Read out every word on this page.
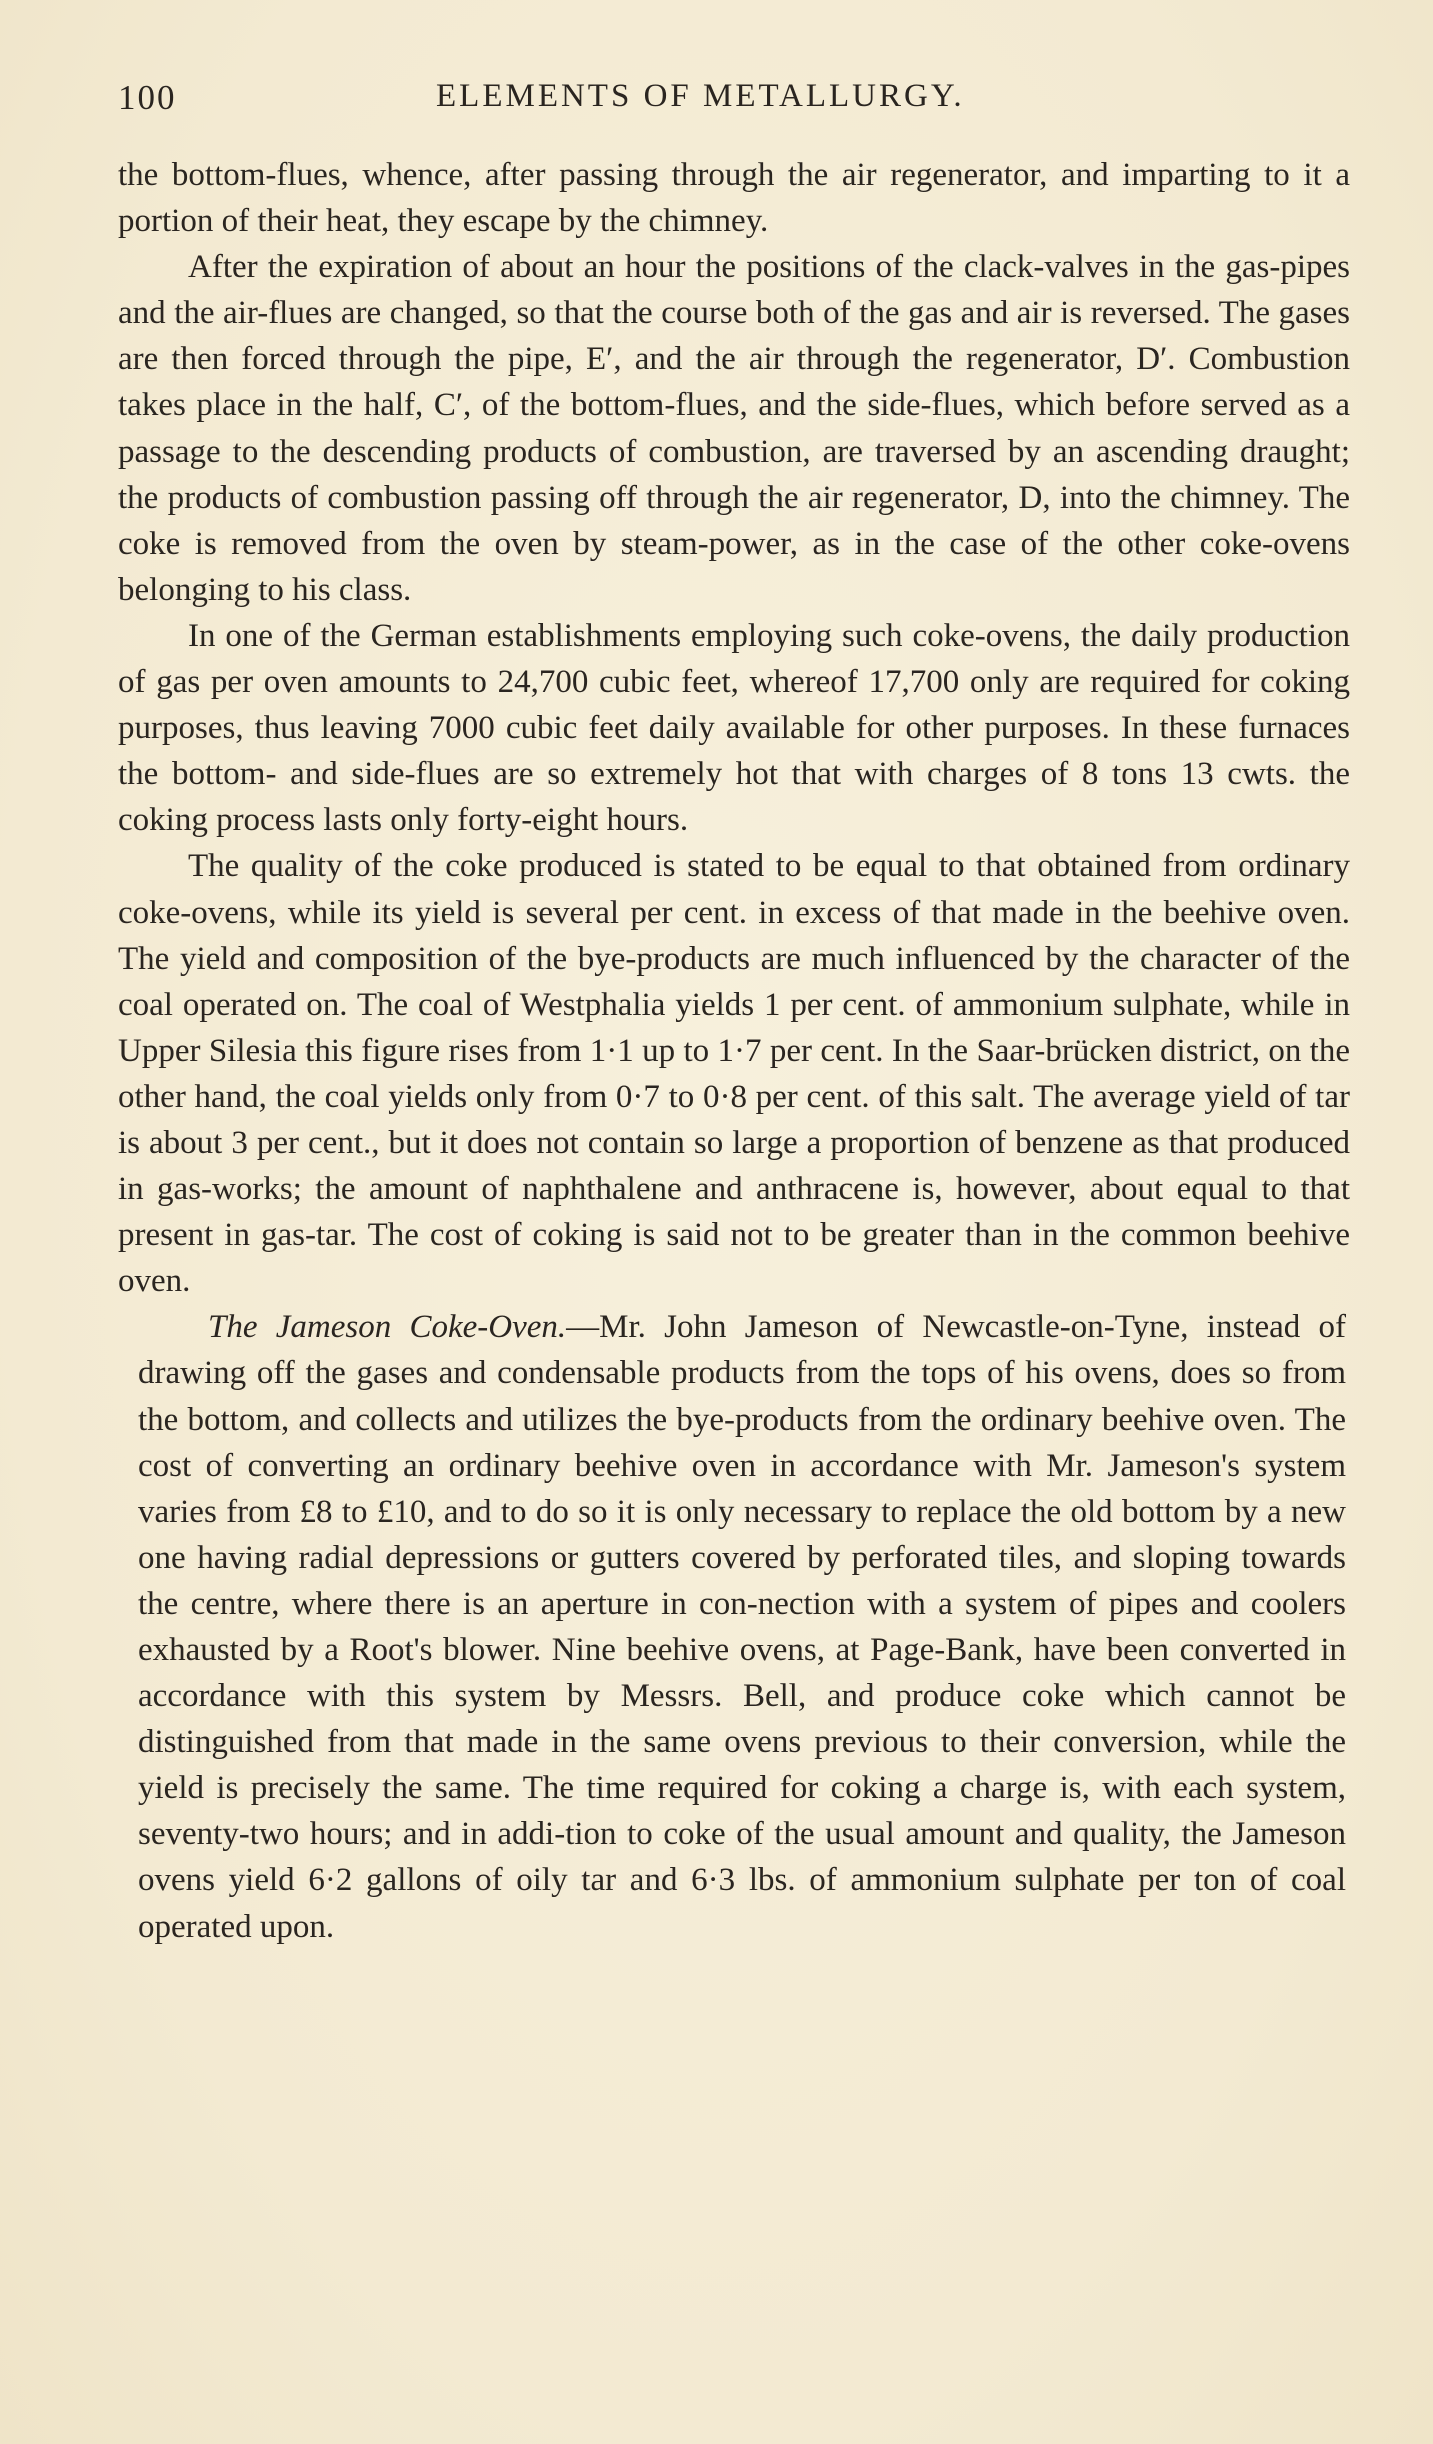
100	ELEMENTS OF METALLURGY.

the bottom-flues, whence, after passing through the air regenerator, and imparting to it a portion of their heat, they escape by the chimney.

After the expiration of about an hour the positions of the clack-valves in the gas-pipes and the air-flues are changed, so that the course both of the gas and air is reversed. The gases are then forced through the pipe, E′, and the air through the regenerator, D′. Combustion takes place in the half, C′, of the bottom-flues, and the side-flues, which before served as a passage to the descending products of combustion, are traversed by an ascending draught; the products of combustion passing off through the air regenerator, D, into the chimney. The coke is removed from the oven by steam-power, as in the case of the other coke-ovens belonging to his class.

In one of the German establishments employing such coke-ovens, the daily production of gas per oven amounts to 24,700 cubic feet, whereof 17,700 only are required for coking purposes, thus leaving 7000 cubic feet daily available for other purposes. In these furnaces the bottom- and side-flues are so extremely hot that with charges of 8 tons 13 cwts. the coking process lasts only forty-eight hours.

The quality of the coke produced is stated to be equal to that obtained from ordinary coke-ovens, while its yield is several per cent. in excess of that made in the beehive oven. The yield and composition of the bye-products are much influenced by the character of the coal operated on. The coal of Westphalia yields 1 per cent. of ammonium sulphate, while in Upper Silesia this figure rises from 1·1 up to 1·7 per cent. In the Saar-brücken district, on the other hand, the coal yields only from 0·7 to 0·8 per cent. of this salt. The average yield of tar is about 3 per cent., but it does not contain so large a proportion of benzene as that produced in gas-works; the amount of naphthalene and anthracene is, however, about equal to that present in gas-tar. The cost of coking is said not to be greater than in the common beehive oven.

The Jameson Coke-Oven.—Mr. John Jameson of Newcastle-on-Tyne, instead of drawing off the gases and condensable products from the tops of his ovens, does so from the bottom, and collects and utilizes the bye-products from the ordinary beehive oven. The cost of converting an ordinary beehive oven in accordance with Mr. Jameson's system varies from £8 to £10, and to do so it is only necessary to replace the old bottom by a new one having radial depressions or gutters covered by perforated tiles, and sloping towards the centre, where there is an aperture in con-nection with a system of pipes and coolers exhausted by a Root's blower. Nine beehive ovens, at Page-Bank, have been converted in accordance with this system by Messrs. Bell, and produce coke which cannot be distinguished from that made in the same ovens previous to their conversion, while the yield is precisely the same. The time required for coking a charge is, with each system, seventy-two hours; and in addi-tion to coke of the usual amount and quality, the Jameson ovens yield 6·2 gallons of oily tar and 6·3 lbs. of ammonium sulphate per ton of coal operated upon.
